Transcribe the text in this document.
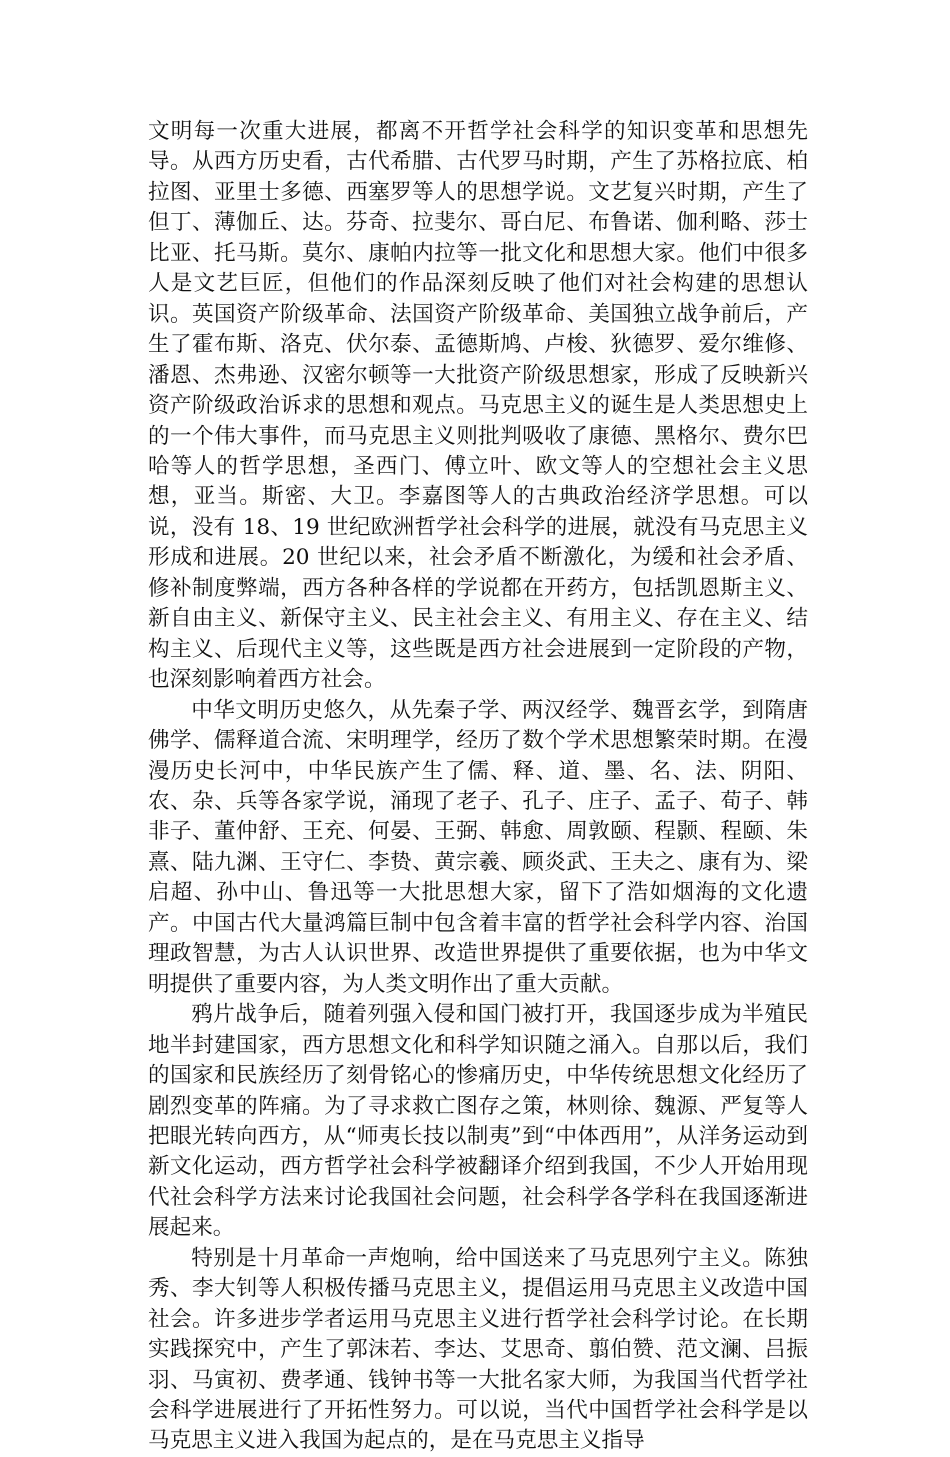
文明每一次重大进展，都离不开哲学社会科学的知识变革和思想先导。从西方历史看，古代希腊、古代罗马时期，产生了苏格拉底、柏拉图、亚里士多德、西塞罗等人的思想学说。文艺复兴时期，产生了但丁、薄伽丘、达。芬奇、拉斐尔、哥白尼、布鲁诺、伽利略、莎士比亚、托马斯。莫尔、康帕内拉等一批文化和思想大家。他们中很多人是文艺巨匠，但他们的作品深刻反映了他们对社会构建的思想认识。英国资产阶级革命、法国资产阶级革命、美国独立战争前后，产生了霍布斯、洛克、伏尔泰、孟德斯鸠、卢梭、狄德罗、爱尔维修、潘恩、杰弗逊、汉密尔顿等一大批资产阶级思想家，形成了反映新兴资产阶级政治诉求的思想和观点。马克思主义的诞生是人类思想史上的一个伟大事件，而马克思主义则批判吸收了康德、黑格尔、费尔巴哈等人的哲学思想，圣西门、傅立叶、欧文等人的空想社会主义思想，亚当。斯密、大卫。李嘉图等人的古典政治经济学思想。可以说，没有 18、19 世纪欧洲哲学社会科学的进展，就没有马克思主义形成和进展。20 世纪以来，社会矛盾不断激化，为缓和社会矛盾、修补制度弊端，西方各种各样的学说都在开药方，包括凯恩斯主义、新自由主义、新保守主义、民主社会主义、有用主义、存在主义、结构主义、后现代主义等，这些既是西方社会进展到一定阶段的产物，也深刻影响着西方社会。

中华文明历史悠久，从先秦子学、两汉经学、魏晋玄学，到隋唐佛学、儒释道合流、宋明理学，经历了数个学术思想繁荣时期。在漫漫历史长河中，中华民族产生了儒、释、道、墨、名、法、阴阳、农、杂、兵等各家学说，涌现了老子、孔子、庄子、孟子、荀子、韩非子、董仲舒、王充、何晏、王弼、韩愈、周敦颐、程颢、程颐、朱熹、陆九渊、王守仁、李贽、黄宗羲、顾炎武、王夫之、康有为、梁启超、孙中山、鲁迅等一大批思想大家，留下了浩如烟海的文化遗产。中国古代大量鸿篇巨制中包含着丰富的哲学社会科学内容、治国理政智慧，为古人认识世界、改造世界提供了重要依据，也为中华文明提供了重要内容，为人类文明作出了重大贡献。

鸦片战争后，随着列强入侵和国门被打开，我国逐步成为半殖民地半封建国家，西方思想文化和科学知识随之涌入。自那以后，我们的国家和民族经历了刻骨铭心的惨痛历史，中华传统思想文化经历了剧烈变革的阵痛。为了寻求救亡图存之策，林则徐、魏源、严复等人把眼光转向西方，从“师夷长技以制夷”到“中体西用”，从洋务运动到新文化运动，西方哲学社会科学被翻译介绍到我国，不少人开始用现代社会科学方法来讨论我国社会问题，社会科学各学科在我国逐渐进展起来。

特别是十月革命一声炮响，给中国送来了马克思列宁主义。陈独秀、李大钊等人积极传播马克思主义，提倡运用马克思主义改造中国社会。许多进步学者运用马克思主义进行哲学社会科学讨论。在长期实践探究中，产生了郭沫若、李达、艾思奇、翦伯赞、范文澜、吕振羽、马寅初、费孝通、钱钟书等一大批名家大师，为我国当代哲学社会科学进展进行了开拓性努力。可以说，当代中国哲学社会科学是以马克思主义进入我国为起点的，是在马克思主义指导
